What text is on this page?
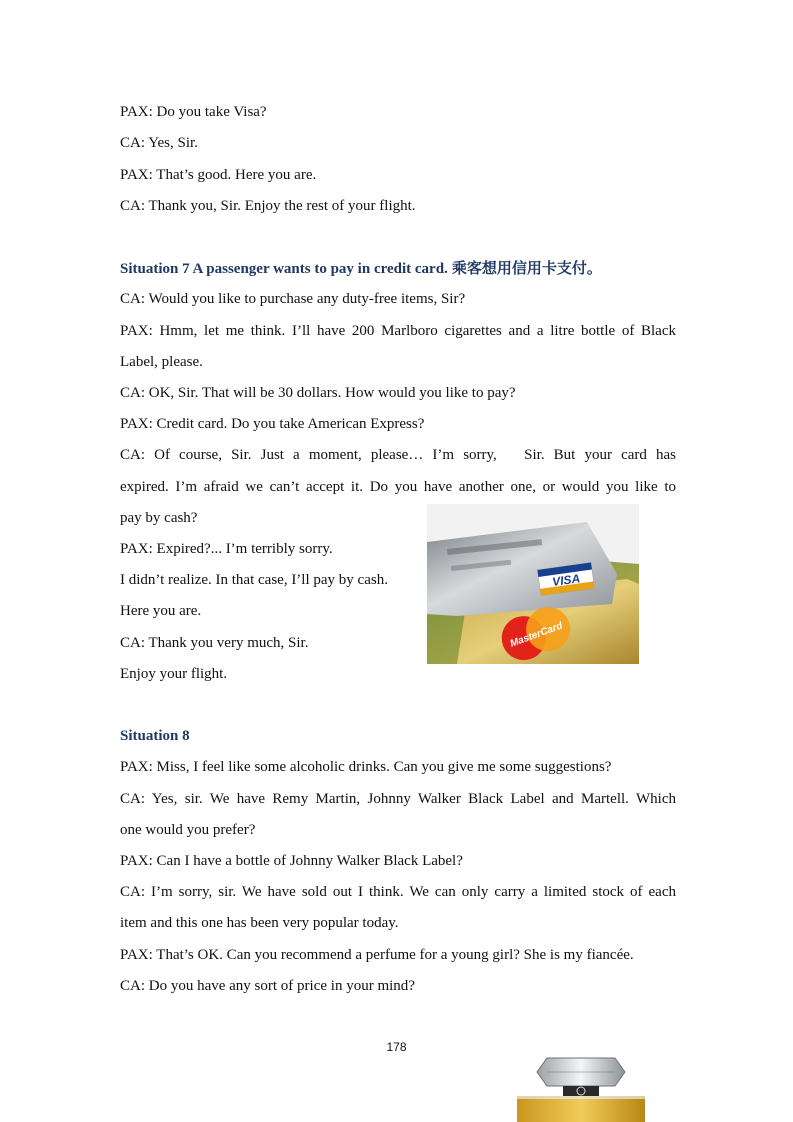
PAX: Do you take Visa?
CA: Yes, Sir.
PAX: That’s good. Here you are.
CA: Thank you, Sir. Enjoy the rest of your flight.
Situation 7 A passenger wants to pay in credit card. 乘客想用信用卡支付。
CA: Would you like to purchase any duty-free items, Sir?
PAX: Hmm, let me think. I’ll have 200 Marlboro cigarettes and a litre bottle of Black
Label, please.
CA: OK, Sir. That will be 30 dollars. How would you like to pay?
PAX: Credit card. Do you take American Express?
CA: Of course, Sir. Just a moment, please… I’m sorry,   Sir. But your card has
expired. I’m afraid we can’t accept it. Do you have another one, or would you like to
pay by cash?
PAX: Expired?... I’m terribly sorry.
I didn’t realize. In that case, I’ll pay by cash.
Here you are.
CA: Thank you very much, Sir.
Enjoy your flight.
VISA
MasterCard
Situation 8
PAX: Miss, I feel like some alcoholic drinks. Can you give me some suggestions?
CA: Yes, sir. We have Remy Martin, Johnny Walker Black Label and Martell. Which
one would you prefer?
PAX: Can I have a bottle of Johnny Walker Black Label?
CA: I’m sorry, sir. We have sold out I think. We can only carry a limited stock of each
item and this one has been very popular today.
PAX: That’s OK. Can you recommend a perfume for a young girl? She is my fiancée.
CA: Do you have any sort of price in your mind?
178
